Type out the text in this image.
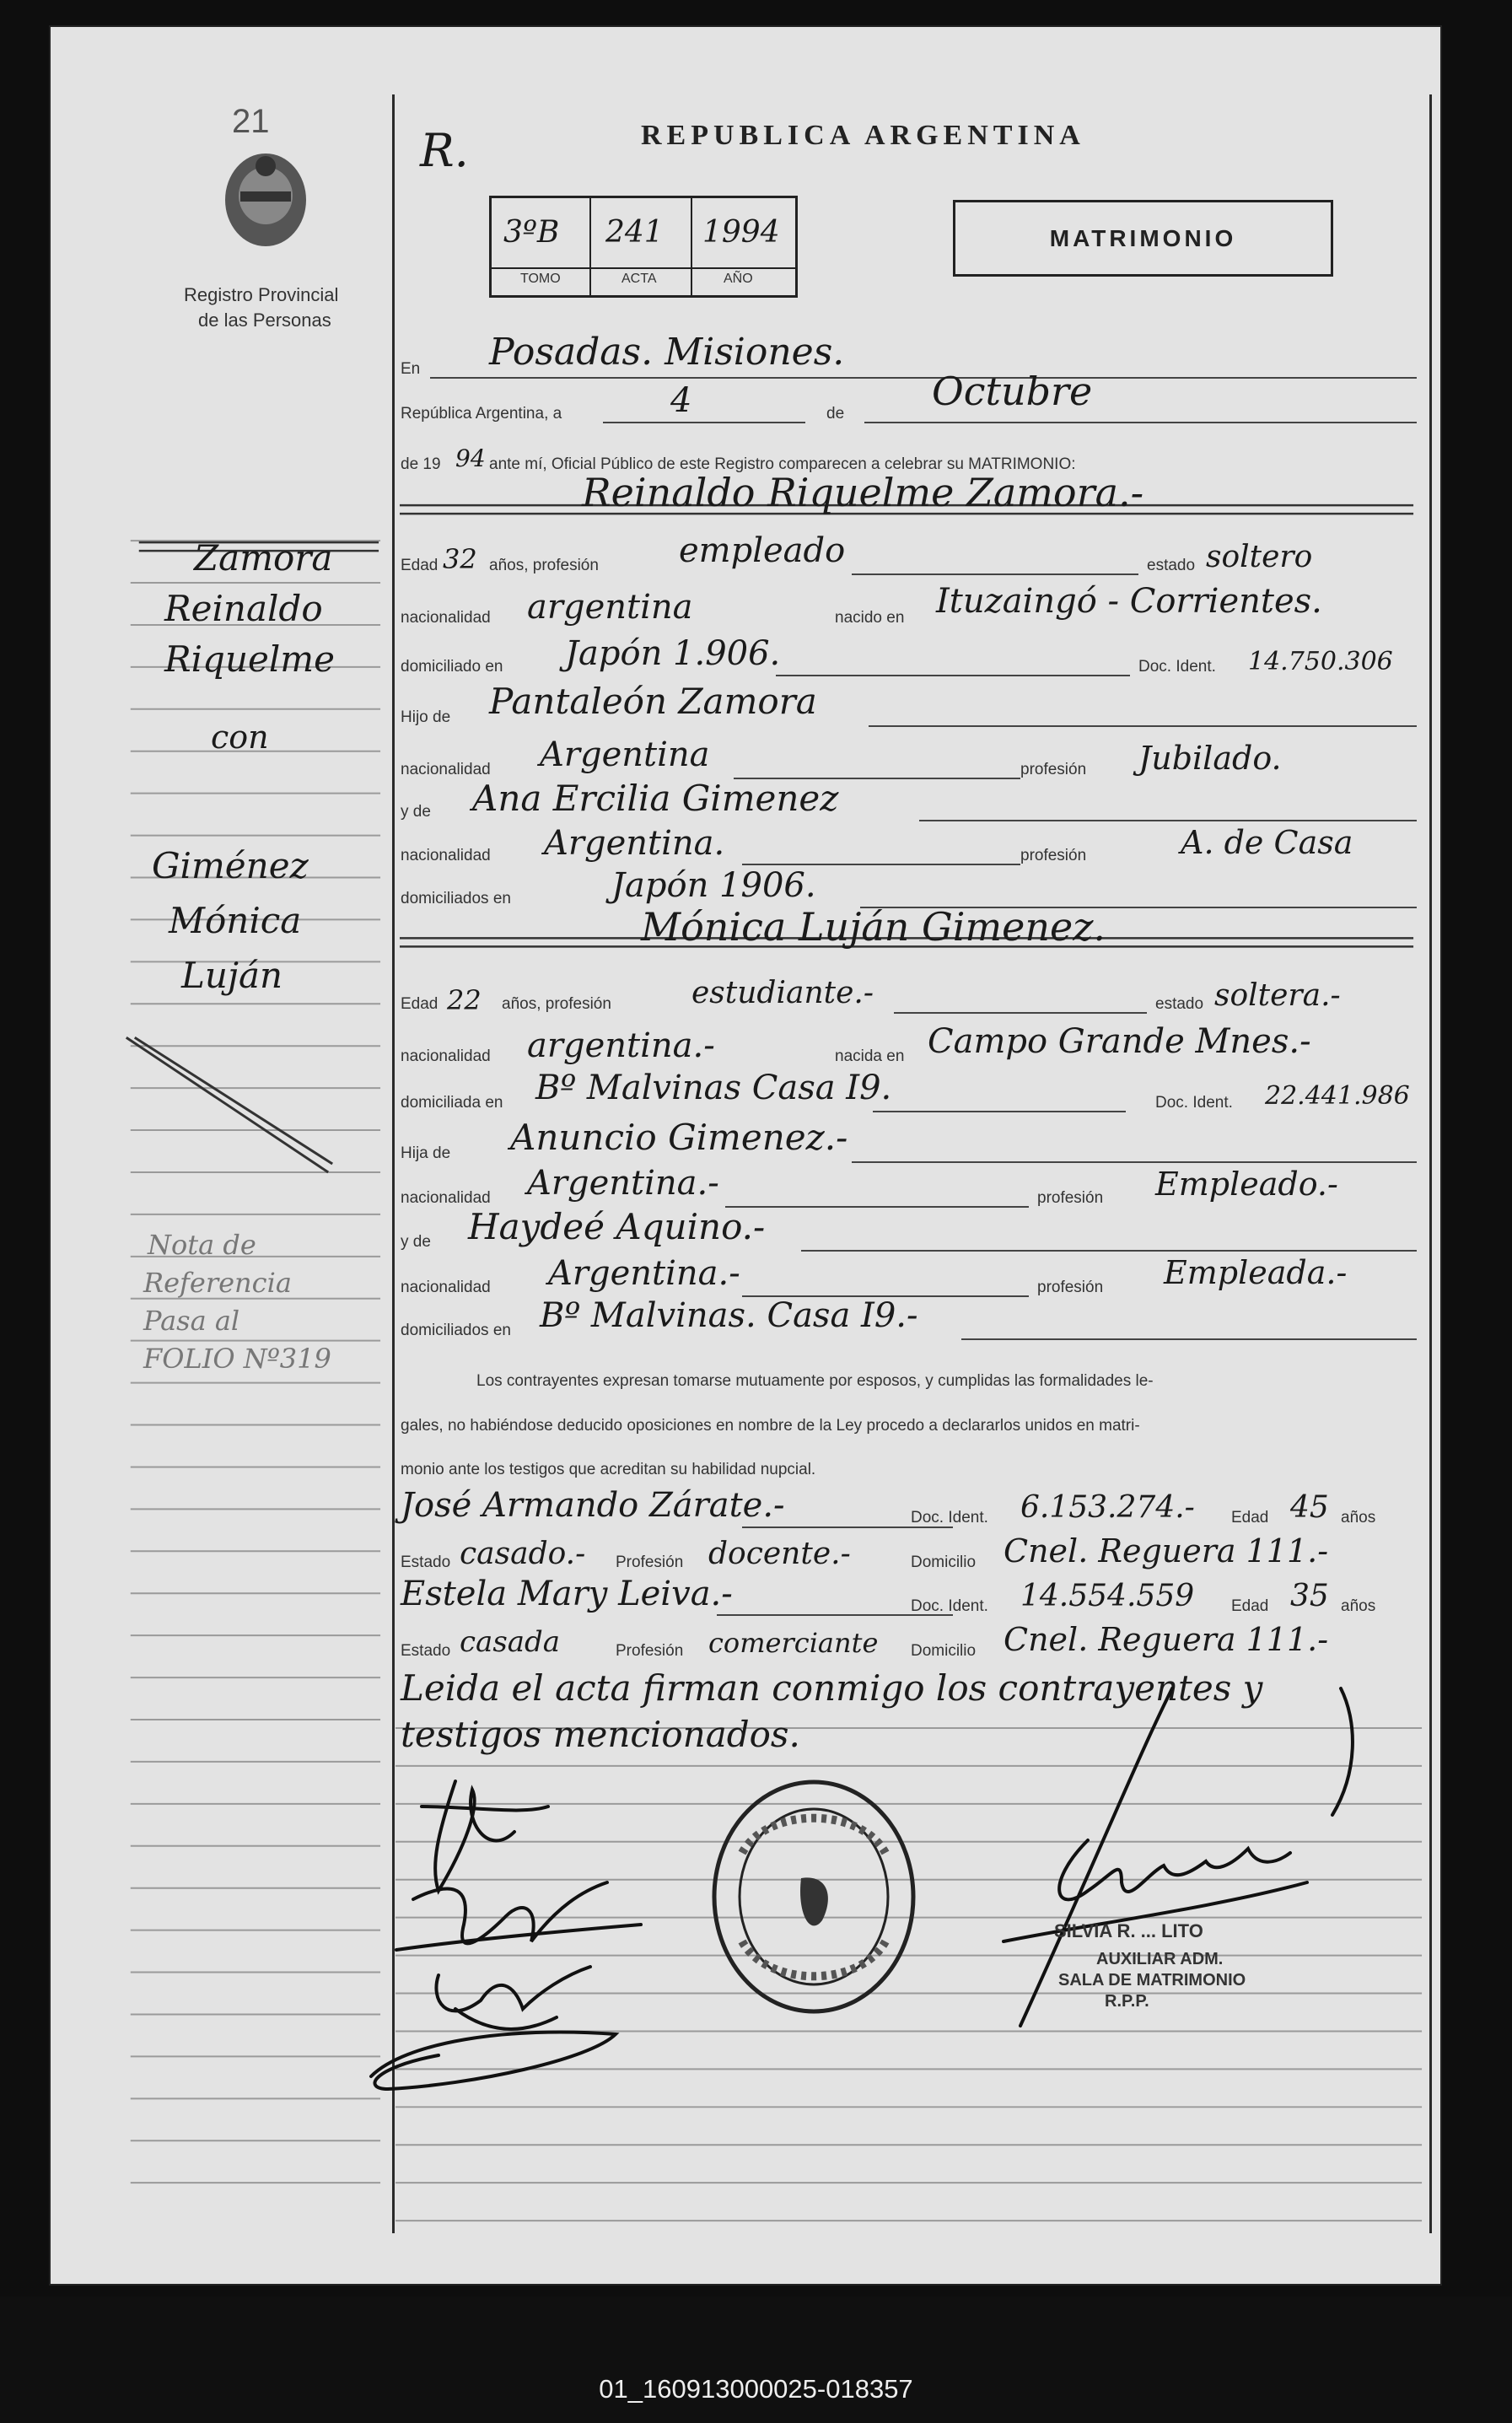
21
Registro Provincial
de las Personas
R.	REPUBLICA ARGENTINA
3ºB 241 1994
TOMO	ACTA	AÑO
MATRIMONIO
Zamora
Reinaldo
Riquelme
con
Giménez
Mónica
Luján
Nota de
Referencia
Pasa al
FOLIO Nº319
En Posadas. Misiones.
República Argentina, a	4	de Octubre
de 19 94 ante mí, Oficial Público de este Registro comparecen a celebrar su MATRIMONIO:
Reinaldo Riquelme Zamora.-
Edad 32 años, profesión empleado	estado soltero
nacionalidad argentina	nacido en Ituzaingó - Corrientes.
domiciliado en Japón 1.906.	Doc. Ident. 14.750.306
Hijo de Pantaleón Zamora
nacionalidad Argentina	profesión Jubilado.
y de Ana Ercilia Gimenez
nacionalidad Argentina.	profesión	A. de Casa
domiciliados en	Japón 1906.
Mónica Luján Gimenez.
Edad 22 años, profesión	estudiante.-	estado soltera.-
nacionalidad argentina.-	nacida en Campo Grande Mnes.-
domiciliada en Bº Malvinas Casa I9.	Doc. Ident. 22.441.986
Hija de Anuncio Gimenez.-
nacionalidad Argentina.-	profesión Empleado.-
y de Haydeé Aquino.-
nacionalidad Argentina.-	profesión Empleada.-
domiciliados en Bº Malvinas. Casa I9.-
Los contrayentes expresan tomarse mutuamente por esposos, y cumplidas las formalidades le-
gales, no habiéndose deducido oposiciones en nombre de la Ley procedo a declararlos unidos en matri-
monio ante los testigos que acreditan su habilidad nupcial.
José Armando Zárate.-	Doc. Ident. 6.153.274.- Edad 45 años
Estado casado.- Profesión docente.-	Domicilio Cnel. Reguera 111.-
Estela Mary Leiva.-	Doc. Ident. 14.554.559 Edad 35 años
Estado casada	Profesión comerciante Domicilio Cnel. Reguera 111.-
Leida el acta firman conmigo los contrayentes y
testigos mencionados.
SILVIA R. ... LITO
AUXILIAR ADM.
SALA DE MATRIMONIO
R.P.P.
01_160913000025-018357
